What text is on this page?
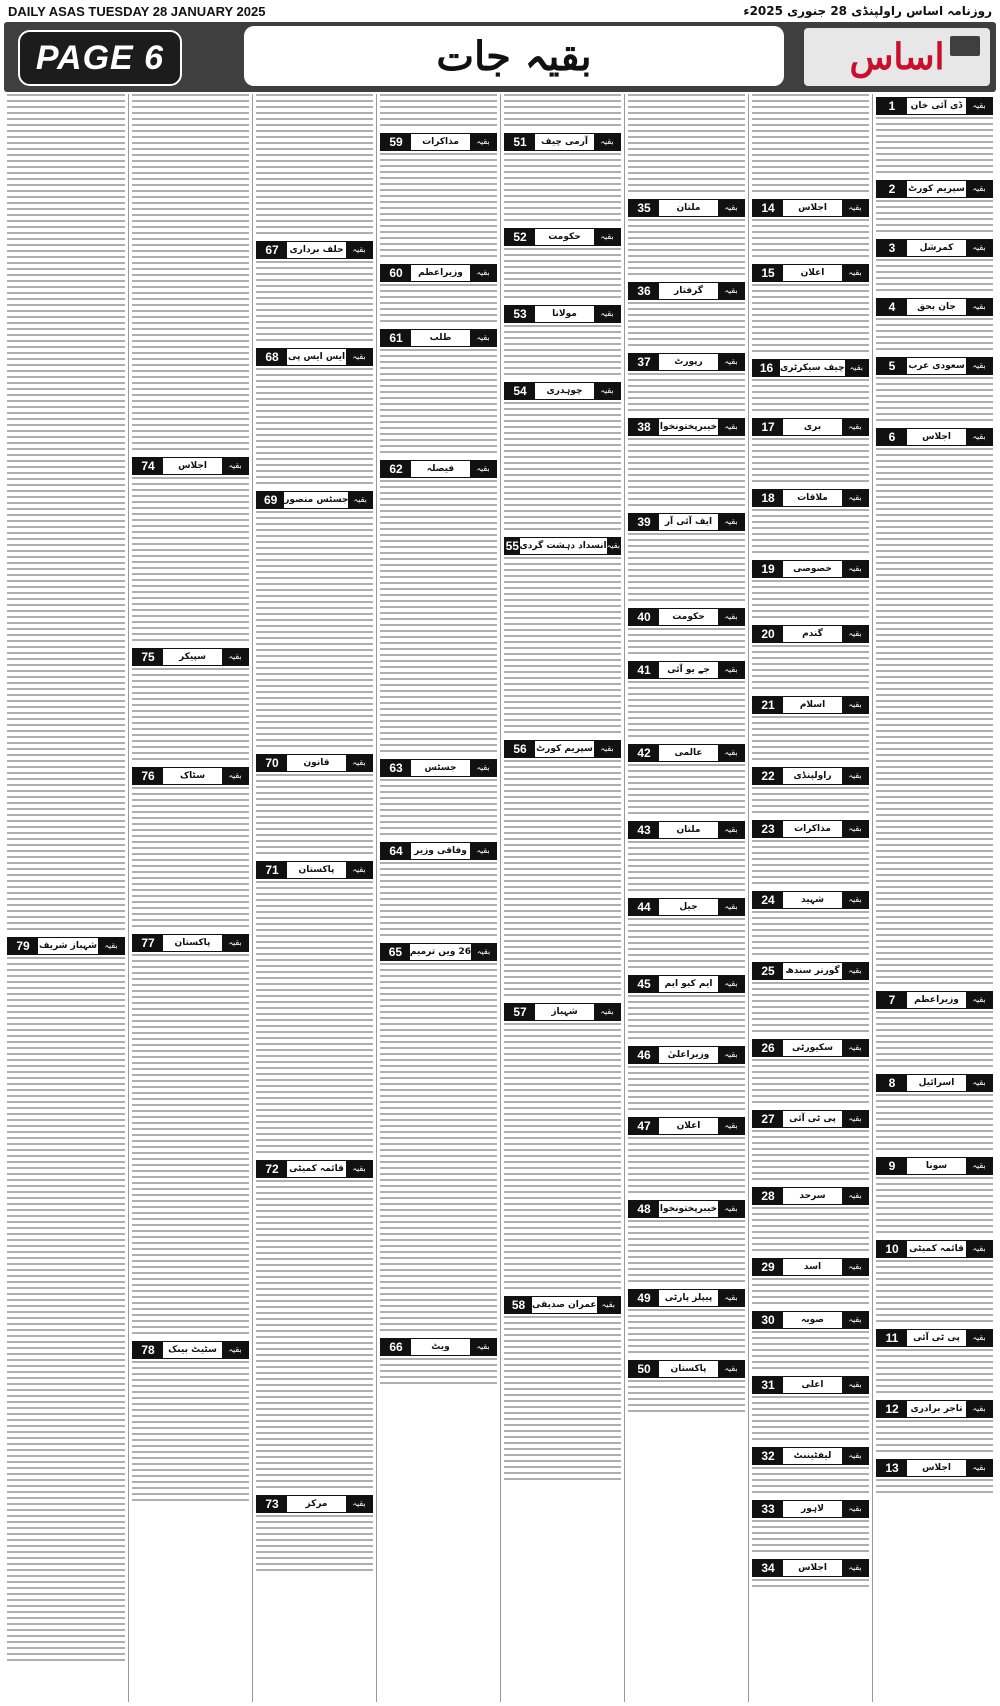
DAILY ASAS TUESDAY 28 JANUARY 2025	روزنامہ اساس راولپنڈی 28 جنوری 2025ء
PAGE 6	بقیہ جات	اساس
1	ڈی آئی خان	بقیہ
2	سپریم کورٹ بقیہ
3	کمرشل	بقیہ
4	جان بحق	بقیہ
5	سعودی عرب بقیہ
6	اجلاس	بقیہ
7	وزیراعظم	بقیہ
8	اسرائیل	بقیہ
9	سونا	بقیہ
10	قائمہ کمیٹی	بقیہ
11	پی ٹی آئی	بقیہ
12	تاجر برادری	بقیہ
13	اجلاس	بقیہ
14	اجلاس	بقیہ
15	اعلان	بقیہ
16 چیف سیکرٹری بقیہ
17	بری	بقیہ
18	ملاقات	بقیہ
19	خصوصی	بقیہ
20	گندم	بقیہ
21	اسلام	بقیہ
22	راولپنڈی	بقیہ
23	مذاکرات	بقیہ
24	شہید	بقیہ
25	گورنر سندھ	بقیہ
26	سکیورٹی	بقیہ
27	پی ٹی آئی	بقیہ
28	سرحد	بقیہ
29	اسد	بقیہ
30	صوبہ	بقیہ
31	اعلی	بقیہ
32	لیفٹیننٹ	بقیہ
33	لاہور	بقیہ
34	اجلاس	بقیہ
35	ملتان	بقیہ
36	گرفتار	بقیہ
37	رپورٹ	بقیہ
38	خیبرپختونخوا بقیہ
39	ایف آئی آر	بقیہ
40	حکومت	بقیہ
41	جے یو آئی	بقیہ
42	عالمی	بقیہ
43	ملتان	بقیہ
44	جیل	بقیہ
45	ایم کیو ایم	بقیہ
46	وزیراعلیٰ	بقیہ
47	اعلان	بقیہ
48	خیبرپختونخوا بقیہ
49	پیپلز پارٹی	بقیہ
50	پاکستان	بقیہ
51	آرمی چیف	بقیہ
52	حکومت	بقیہ
53	مولانا	بقیہ
54	چوہدری	بقیہ
55 انسداد دہشت گردی بقیہ
56	سپریم کورٹ بقیہ
57	شہباز	بقیہ
58 عمران صدیقی بقیہ
59	مذاکرات	بقیہ
60	وزیراعظم	بقیہ
61	طلب	بقیہ
62	فیصلہ	بقیہ
63	جسٹس	بقیہ
64	وفاقی وزیر	بقیہ
65 26 ویں ترمیم بقیہ
66	ویٹ	بقیہ
67	حلف برداری	بقیہ
68	ایس ایس پی بقیہ
69 جسٹس منصور بقیہ
70	قانون	بقیہ
71	پاکستان	بقیہ
72	قائمہ کمیٹی	بقیہ
73	مرکز	بقیہ
74	اجلاس	بقیہ
75	سپیکر	بقیہ
76	سٹاک	بقیہ
77	پاکستان	بقیہ
78	سٹیٹ بینک	بقیہ
79	شہباز شریف بقیہ
